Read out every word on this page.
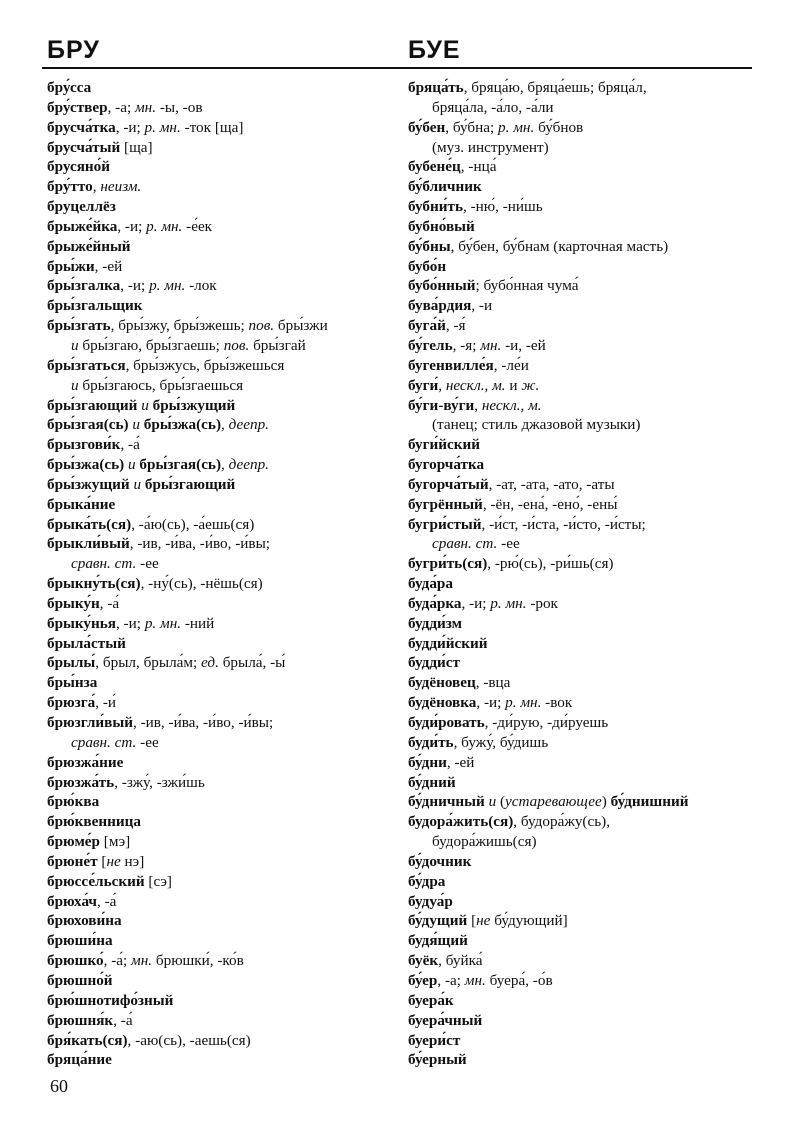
БРУ	БУЕ
бру́сса
бру́ствер, -а; мн. -ы, -ов
брусча́тка, -и; р. мн. -ток [ща]
брусча́тый [ща]
брусяно́й
бру́тто, неизм.
бруцеллёз
брыже́йка, -и; р. мн. -е́ек
брыже́йный
бры́жи, -ей
бры́згалка, -и; р. мн. -лок
бры́згальщик
бры́згать, бры́зжу, бры́зжешь; пов. бры́зжи
и бры́згаю, бры́згаешь; пов. бры́згай
бры́згаться, бры́зжусь, бры́зжешься
и бры́згаюсь, бры́згаешься
бры́згающий и бры́зжущий
бры́згая(сь) и бры́зжа(сь), деепр.
брызгови́к, -а́
бры́зжа(сь) и бры́згая(сь), деепр.
бры́зжущий и бры́згающий
брыка́ние
брыка́ть(ся), -а́ю(сь), -а́ешь(ся)
брыкли́вый, -ив, -и́ва, -и́во, -и́вы;
сравн. ст. -ее
брыкну́ть(ся), -ну́(сь), -нёшь(ся)
брыку́н, -а́
брыку́нья, -и; р. мн. -ний
брыла́стый
брылы́, брыл, брыла́м; ед. брыла́, -ы́
бры́нза
брюзга́, -и́
брюзгли́вый, -ив, -и́ва, -и́во, -и́вы;
сравн. ст. -ее
брюзжа́ние
брюзжа́ть, -зжу́, -зжи́шь
брю́ква
брю́квенница
брюме́р [мэ]
брюне́т [не нэ]
брюссе́льский [сэ]
брюха́ч, -а́
брюхови́на
брюши́на
брюшко́, -а́; мн. брюшки́, -ко́в
брюшно́й
брю́шнотифо́зный
брюшня́к, -а́
бря́кать(ся), -аю(сь), -аешь(ся)
бряца́ние
бряца́ть, бряца́ю, бряца́ешь; бряца́л,
бряца́ла, -а́ло, -а́ли
бу́бен, бу́бна; р. мн. бу́бнов
(муз. инструмент)
бубене́ц, -нца́
бу́бличник
бубни́ть, -ню́, -ни́шь
бубно́вый
бу́бны, бу́бен, бу́бнам (карточная масть)
бубо́н
бубо́нный; бубо́нная чума́
бува́рдия, -и
буга́й, -я́
бу́гель, -я; мн. -и, -ей
бугенвилле́я, -ле́и
буги́, нескл., м. и ж.
бу́ги-ву́ги, нескл., м.
(танец; стиль джазовой музыки)
буги́йский
бугорча́тка
бугорча́тый, -ат, -ата, -ато, -аты
бугрённый, -ён, -ена́, -ено́, -ены́
бугри́стый, -и́ст, -и́ста, -и́сто, -и́сты;
сравн. ст. -ее
бугри́ть(ся), -рю́(сь), -ри́шь(ся)
буда́ра
буда́рка, -и; р. мн. -рок
будди́зм
будди́йский
будди́ст
будёновец, -вца
будёновка, -и; р. мн. -вок
буди́ровать, -ди́рую, -ди́руешь
буди́ть, бужу́, бу́дишь
бу́дни, -ей
бу́дний
бу́дничный и (устаревающее) бу́днишний
будора́жить(ся), будора́жу(сь),
будора́жишь(ся)
бу́дочник
бу́дра
будуа́р
бу́дущий [не бу́дующий]
будя́щий
буёк, буйка́
бу́ер, -а; мн. буера́, -о́в
буера́к
буера́чный
буери́ст
бу́ерный
60
